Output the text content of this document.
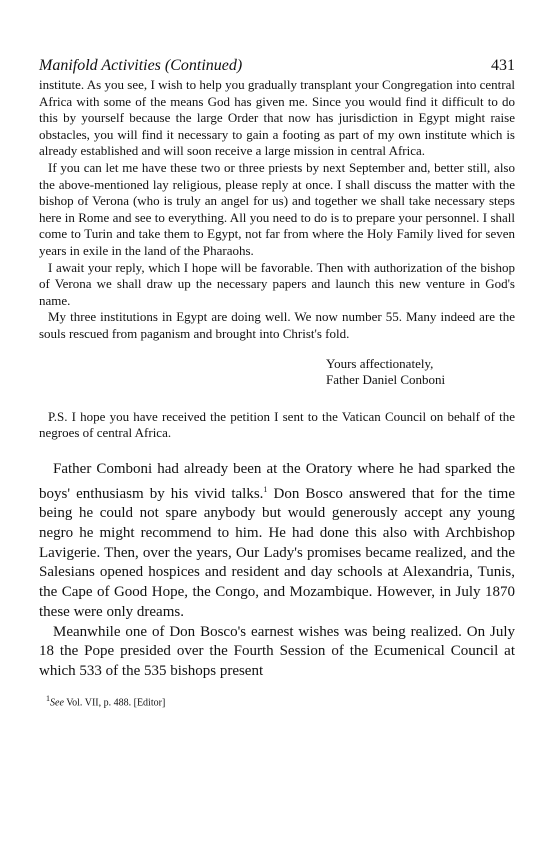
Manifold Activities (Continued)	431

institute. As you see, I wish to help you gradually transplant your Congregation into central Africa with some of the means God has given me. Since you would find it difficult to do this by yourself because the large Order that now has jurisdiction in Egypt might raise obstacles, you will find it necessary to gain a footing as part of my own institute which is already established and will soon receive a large mission in central Africa.

If you can let me have these two or three priests by next September and, better still, also the above-mentioned lay religious, please reply at once. I shall discuss the matter with the bishop of Verona (who is truly an angel for us) and together we shall take necessary steps here in Rome and see to everything. All you need to do is to prepare your personnel. I shall come to Turin and take them to Egypt, not far from where the Holy Family lived for seven years in exile in the land of the Pharaohs.

I await your reply, which I hope will be favorable. Then with authorization of the bishop of Verona we shall draw up the necessary papers and launch this new venture in God's name.

My three institutions in Egypt are doing well. We now number 55. Many indeed are the souls rescued from paganism and brought into Christ's fold.

Yours affectionately,
Father Daniel Conboni

P.S. I hope you have received the petition I sent to the Vatican Council on behalf of the negroes of central Africa.

Father Comboni had already been at the Oratory where he had sparked the boys' enthusiasm by his vivid talks.$^1$ Don Bosco answered that for the time being he could not spare anybody but would generously accept any young negro he might recommend to him. He had done this also with Archbishop Lavigerie. Then, over the years, Our Lady's promises became realized, and the Salesians opened hospices and resident and day schools at Alexandria, Tunis, the Cape of Good Hope, the Congo, and Mozambique. However, in July 1870 these were only dreams.

Meanwhile one of Don Bosco's earnest wishes was being realized. On July 18 the Pope presided over the Fourth Session of the Ecumenical Council at which 533 of the 535 bishops present

$^1$See Vol. VII, p. 488. [Editor]
